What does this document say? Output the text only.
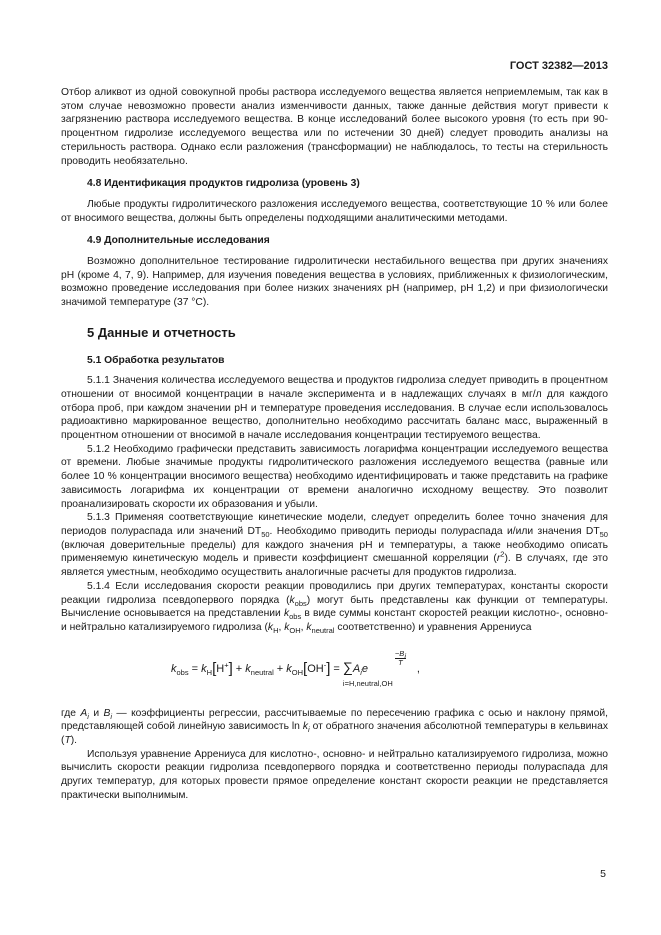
ГОСТ 32382—2013

Отбор аликвот из одной совокупной пробы раствора исследуемого вещества является неприемлемым, так как в этом случае невозможно провести анализ изменчивости данных, также данные действия могут привести к загрязнению раствора исследуемого вещества. В конце исследований более высокого уровня (то есть при 90-процентном гидролизе исследуемого вещества или по истечении 30 дней) следует проводить анализы на стерильность раствора. Однако если разложения (трансформации) не наблюдалось, то тесты на стерильность проводить необязательно.

4.8 Идентификация продуктов гидролиза (уровень 3)

Любые продукты гидролитического разложения исследуемого вещества, соответствующие 10 % или более от вносимого вещества, должны быть определены подходящими аналитическими методами.

4.9 Дополнительные исследования

Возможно дополнительное тестирование гидролитически нестабильного вещества при других значениях pH (кроме 4, 7, 9). Например, для изучения поведения вещества в условиях, приближенных к физиологическим, возможно проведение исследования при более низких значениях pH (например, pH 1,2) и при физиологически значимой температуре (37 °С).

5 Данные и отчетность
5.1 Обработка результатов

5.1.1 Значения количества исследуемого вещества и продуктов гидролиза следует приводить в процентном отношении от вносимой концентрации в начале эксперимента и в надлежащих случаях в мг/л для каждого отбора проб, при каждом значении pH и температуре проведения исследования. В случае если использовалось радиоактивно маркированное вещество, дополнительно необходимо рассчитать баланс масс, выраженный в процентном отношении от вносимой в начале исследования концентрации тестируемого вещества.

5.1.2 Необходимо графически представить зависимость логарифма концентрации исследуемого вещества от времени. Любые значимые продукты гидролитического разложения исследуемого вещества (равные или более 10 % концентрации вносимого вещества) необходимо идентифицировать и также представить на графике зависимость логарифма их концентрации от времени аналогично исходному веществу. Это позволит проанализировать скорости их образования и убыли.

5.1.3 Применяя соответствующие кинетические модели, следует определить более точно значения для периодов полураспада или значений $DT_{50}$. Необходимо приводить периоды полураспада и/или значения $DT_{50}$ (включая доверительные пределы) для каждого значения pH и температуры, а также необходимо описать применяемую кинетическую модель и привести коэффициент смешанной корреляции $(r^2)$. В случаях, где это является уместным, необходимо осуществить аналогичные расчеты для продуктов гидролиза.

5.1.4 Если исследования скорости реакции проводились при других температурах, константы скорости реакции гидролиза псевдопервого порядка $(k_{obs})$ могут быть представлены как функции от температуры. Вычисление основывается на представлении $k_{obs}$ в виде суммы констант скоростей реакции кислотно-, основно- и нейтрально катализируемого гидролиза ($k_H$, $k_{OH}$, $k_{neutral}$ соответственно) и уравнения Аррениуса

$k_{obs} = k_H[H^+] + k_{neutral} + k_{OH}[OH^-] = \sum A_ie$
$-B_i$
T
i=H,neutral,OH
,

где $A_i$ и $B_i$ — коэффициенты регрессии, рассчитываемые по пересечению графика с осью и наклону прямой, представляющей собой линейную зависимость $\ln k_i$ от обратного значения абсолютной температуры в кельвинах (T).

Используя уравнение Аррениуса для кислотно-, основно- и нейтрально катализируемого гидролиза, можно вычислить скорости реакции гидролиза псевдопервого порядка и соответственно периоды полураспада для других температур, для которых провести прямое определение констант скорости реакции не представляется практически выполнимым.

5
